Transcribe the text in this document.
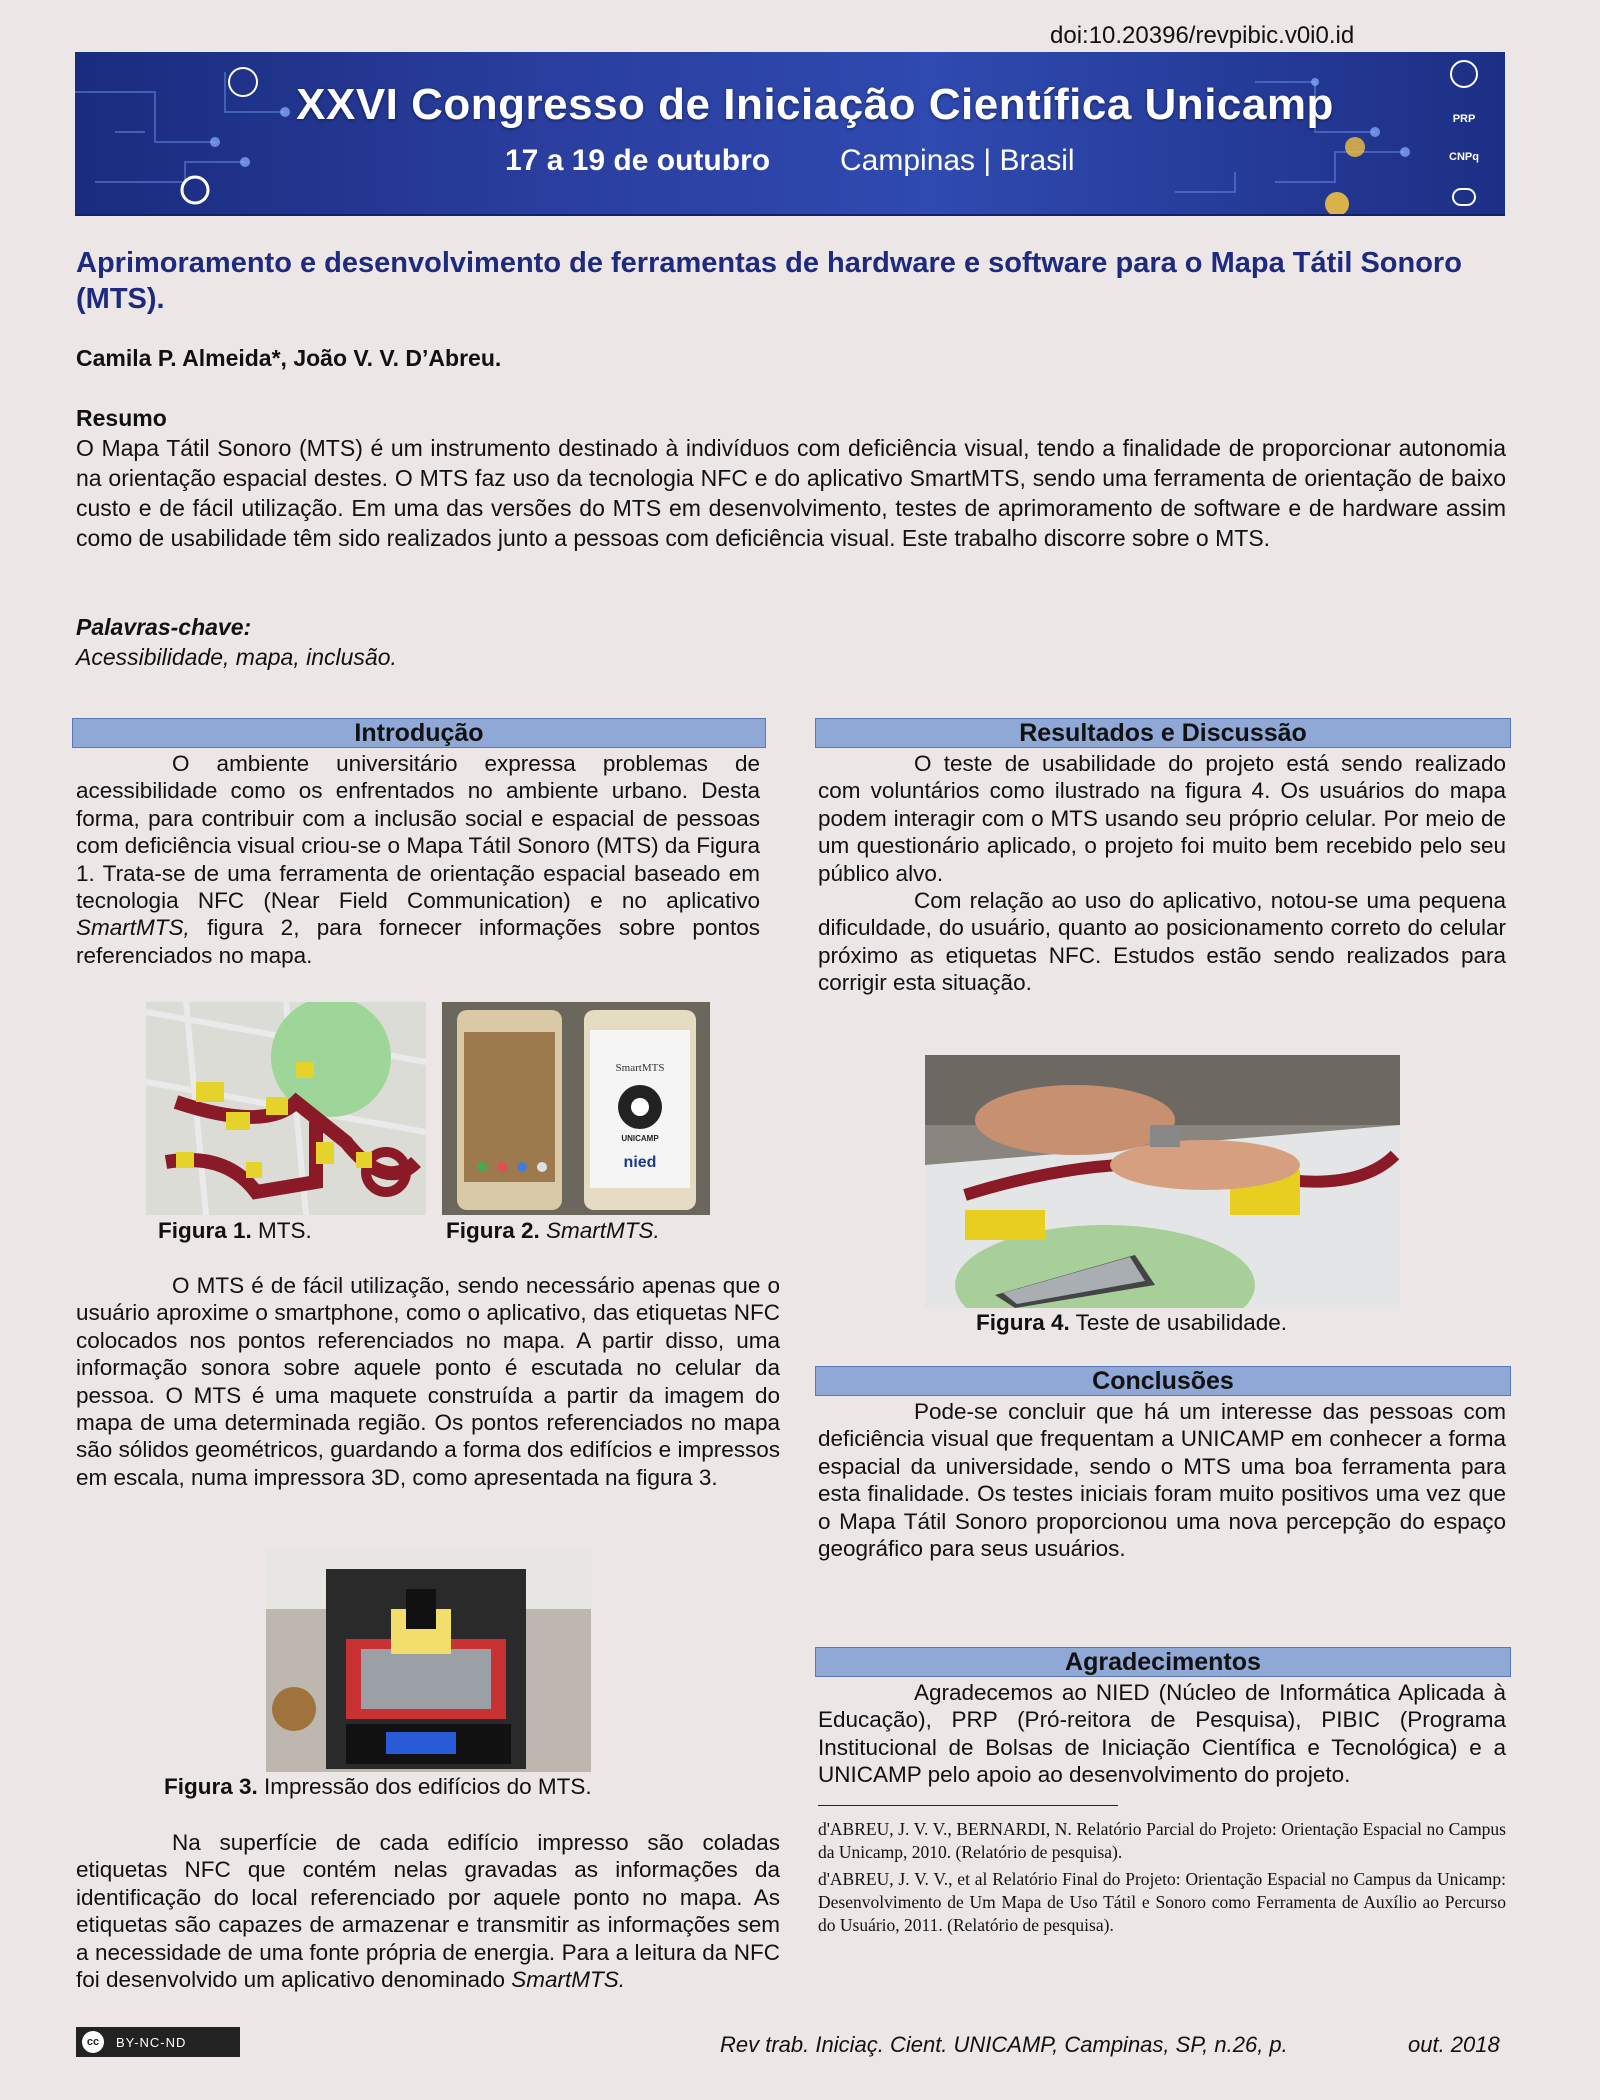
doi:10.20396/revpibic.v0i0.id
XXVI Congresso de Iniciação Científica Unicamp
17 a 19 de outubro Campinas | Brasil
PRP
CNPq
Aprimoramento e desenvolvimento de ferramentas de hardware e software para o Mapa Tátil Sonoro (MTS).
Camila P. Almeida*, João V. V. D’Abreu.
Resumo
O Mapa Tátil Sonoro (MTS) é um instrumento destinado à indivíduos com deficiência visual, tendo a finalidade de proporcionar autonomia na orientação espacial destes. O MTS faz uso da tecnologia NFC e do aplicativo SmartMTS, sendo uma ferramenta de orientação de baixo custo e de fácil utilização. Em uma das versões do MTS em desenvolvimento, testes de aprimoramento de software e de hardware assim como de usabilidade têm sido realizados junto a pessoas com deficiência visual. Este trabalho discorre sobre o MTS.
Palavras-chave:
Acessibilidade, mapa, inclusão.
Introdução

O ambiente universitário expressa problemas de acessibilidade como os enfrentados no ambiente urbano. Desta forma, para contribuir com a inclusão social e espacial de pessoas com deficiência visual criou-se o Mapa Tátil Sonoro (MTS) da Figura 1. Trata-se de uma ferramenta de orientação espacial baseado em tecnologia NFC (Near Field Communication) e no aplicativo SmartMTS, figura 2, para fornecer informações sobre pontos referenciados no mapa.

SmartMTS
UNICAMP
nied
Figura 1. MTS.	Figura 2. SmartMTS.

O MTS é de fácil utilização, sendo necessário apenas que o usuário aproxime o smartphone, como o aplicativo, das etiquetas NFC colocados nos pontos referenciados no mapa. A partir disso, uma informação sonora sobre aquele ponto é escutada no celular da pessoa. O MTS é uma maquete construída a partir da imagem do mapa de uma determinada região. Os pontos referenciados no mapa são sólidos geométricos, guardando a forma dos edifícios e impressos em escala, numa impressora 3D, como apresentada na figura 3.

Figura 3. Impressão dos edifícios do MTS.

Na superfície de cada edifício impresso são coladas etiquetas NFC que contém nelas gravadas as informações da identificação do local referenciado por aquele ponto no mapa. As etiquetas são capazes de armazenar e transmitir as informações sem a necessidade de uma fonte própria de energia. Para a leitura da NFC foi desenvolvido um aplicativo denominado SmartMTS.

Resultados e Discussão

O teste de usabilidade do projeto está sendo realizado com voluntários como ilustrado na figura 4. Os usuários do mapa podem interagir com o MTS usando seu próprio celular. Por meio de um questionário aplicado, o projeto foi muito bem recebido pelo seu público alvo.

Com relação ao uso do aplicativo, notou-se uma pequena dificuldade, do usuário, quanto ao posicionamento correto do celular próximo as etiquetas NFC. Estudos estão sendo realizados para corrigir esta situação.

Figura 4. Teste de usabilidade.
Conclusões

Pode-se concluir que há um interesse das pessoas com deficiência visual que frequentam a UNICAMP em conhecer a forma espacial da universidade, sendo o MTS uma boa ferramenta para esta finalidade. Os testes iniciais foram muito positivos uma vez que o Mapa Tátil Sonoro proporcionou uma nova percepção do espaço geográfico para seus usuários.

Agradecimentos

Agradecemos ao NIED (Núcleo de Informática Aplicada à Educação), PRP (Pró-reitora de Pesquisa), PIBIC (Programa Institucional de Bolsas de Iniciação Científica e Tecnológica) e a UNICAMP pelo apoio ao desenvolvimento do projeto.

d'ABREU, J. V. V., BERNARDI, N. Relatório Parcial do Projeto: Orientação Espacial no Campus da Unicamp, 2010. (Relatório de pesquisa).

d'ABREU, J. V. V., et al Relatório Final do Projeto: Orientação Espacial no Campus da Unicamp: Desenvolvimento de Um Mapa de Uso Tátil e Sonoro como Ferramenta de Auxílio ao Percurso do Usuário, 2011. (Relatório de pesquisa).

cc	BY-NC-ND	Rev trab. Iniciaç. Cient. UNICAMP, Campinas, SP, n.26, p.	out. 2018
